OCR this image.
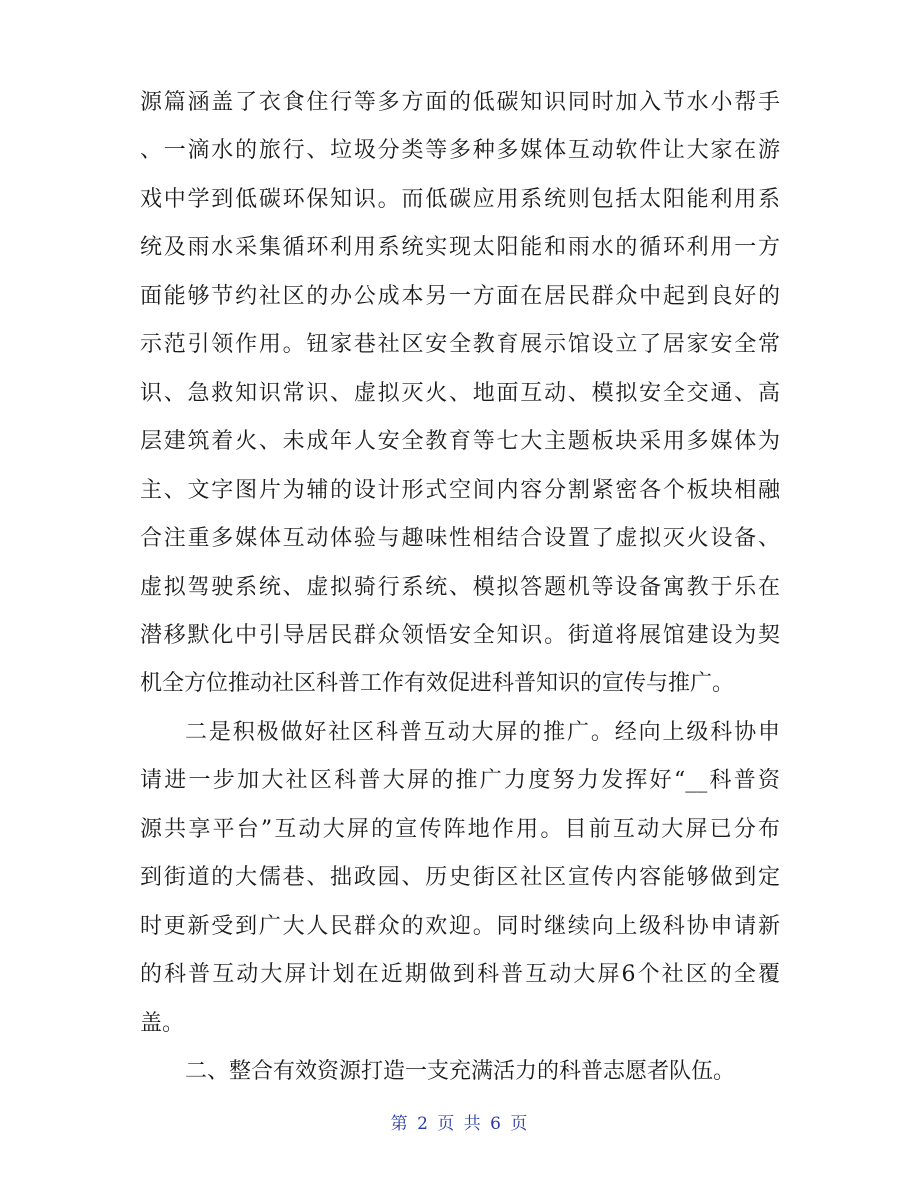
源篇涵盖了衣食住行等多方面的低碳知识同时加入节水小帮手
、一滴水的旅行、垃圾分类等多种多媒体互动软件让大家在游
戏中学到低碳环保知识。而低碳应用系统则包括太阳能利用系
统及雨水采集循环利用系统实现太阳能和雨水的循环利用一方
面能够节约社区的办公成本另一方面在居民群众中起到良好的
示范引领作用。钮家巷社区安全教育展示馆设立了居家安全常
识、急救知识常识、虚拟灭火、地面互动、模拟安全交通、高
层建筑着火、未成年人安全教育等七大主题板块采用多媒体为
主、文字图片为辅的设计形式空间内容分割紧密各个板块相融
合注重多媒体互动体验与趣味性相结合设置了虚拟灭火设备、
虚拟驾驶系统、虚拟骑行系统、模拟答题机等设备寓教于乐在
潜移默化中引导居民群众领悟安全知识。街道将展馆建设为契
机全方位推动社区科普工作有效促进科普知识的宣传与推广。
二是积极做好社区科普互动大屏的推广。经向上级科协申
请进一步加大社区科普大屏的推广力度努力发挥好“__科普资
源共享平台”互动大屏的宣传阵地作用。目前互动大屏已分布
到街道的大儒巷、拙政园、历史街区社区宣传内容能够做到定
时更新受到广大人民群众的欢迎。同时继续向上级科协申请新
的科普互动大屏计划在近期做到科普互动大屏6个社区的全覆
盖。
二、整合有效资源打造一支充满活力的科普志愿者队伍。
第 2 页 共 6 页
